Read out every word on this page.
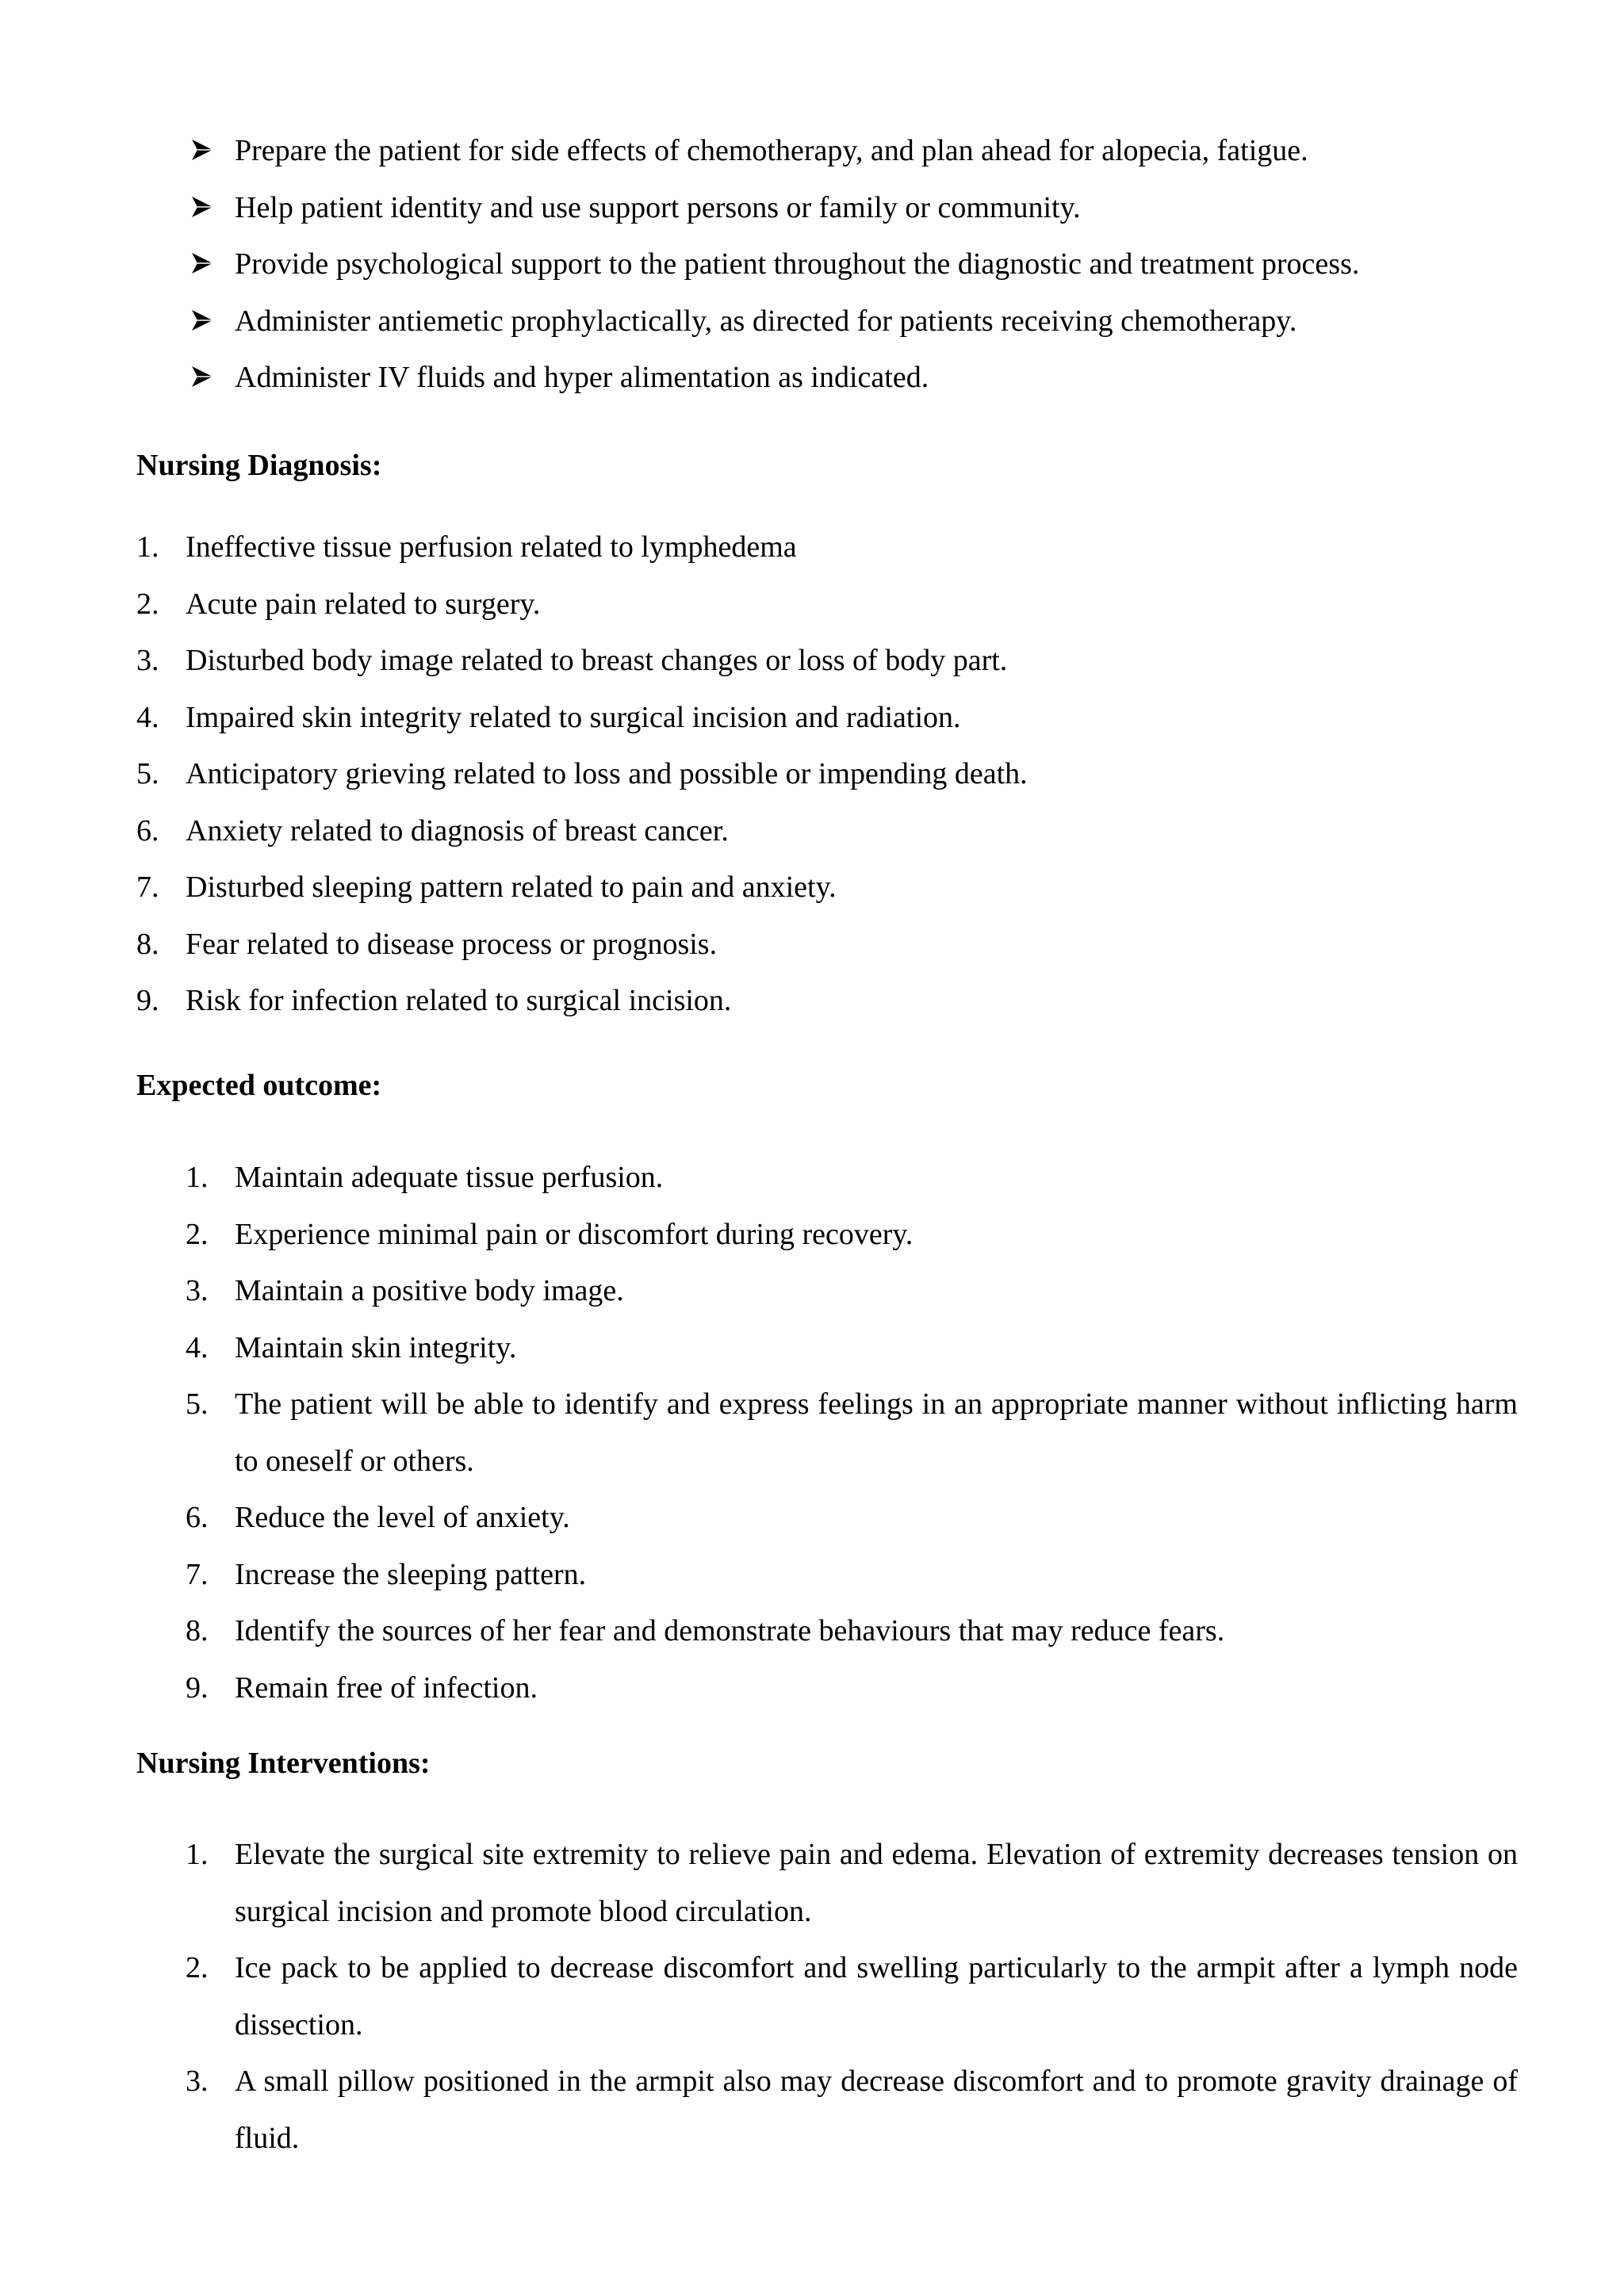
Prepare the patient for side effects of chemotherapy, and plan ahead for alopecia, fatigue.
Help patient identity and use support persons or family or community.
Provide psychological support to the patient throughout the diagnostic and treatment process.
Administer antiemetic prophylactically, as directed for patients receiving chemotherapy.
Administer IV fluids and hyper alimentation as indicated.
Nursing Diagnosis:
1. Ineffective tissue perfusion related to lymphedema
2. Acute pain related to surgery.
3. Disturbed body image related to breast changes or loss of body part.
4. Impaired skin integrity related to surgical incision and radiation.
5. Anticipatory grieving related to loss and possible or impending death.
6. Anxiety related to diagnosis of breast cancer.
7. Disturbed sleeping pattern related to pain and anxiety.
8. Fear related to disease process or prognosis.
9. Risk for infection related to surgical incision.
Expected outcome:
1. Maintain adequate tissue perfusion.
2. Experience minimal pain or discomfort during recovery.
3. Maintain a positive body image.
4. Maintain skin integrity.
5. The patient will be able to identify and express feelings in an appropriate manner without inflicting harm to oneself or others.
6. Reduce the level of anxiety.
7. Increase the sleeping pattern.
8. Identify the sources of her fear and demonstrate behaviours that may reduce fears.
9. Remain free of infection.
Nursing Interventions:
1. Elevate the surgical site extremity to relieve pain and edema. Elevation of extremity decreases tension on surgical incision and promote blood circulation.
2. Ice pack to be applied to decrease discomfort and swelling particularly to the armpit after a lymph node dissection.
3. A small pillow positioned in the armpit also may decrease discomfort and to promote gravity drainage of fluid.
